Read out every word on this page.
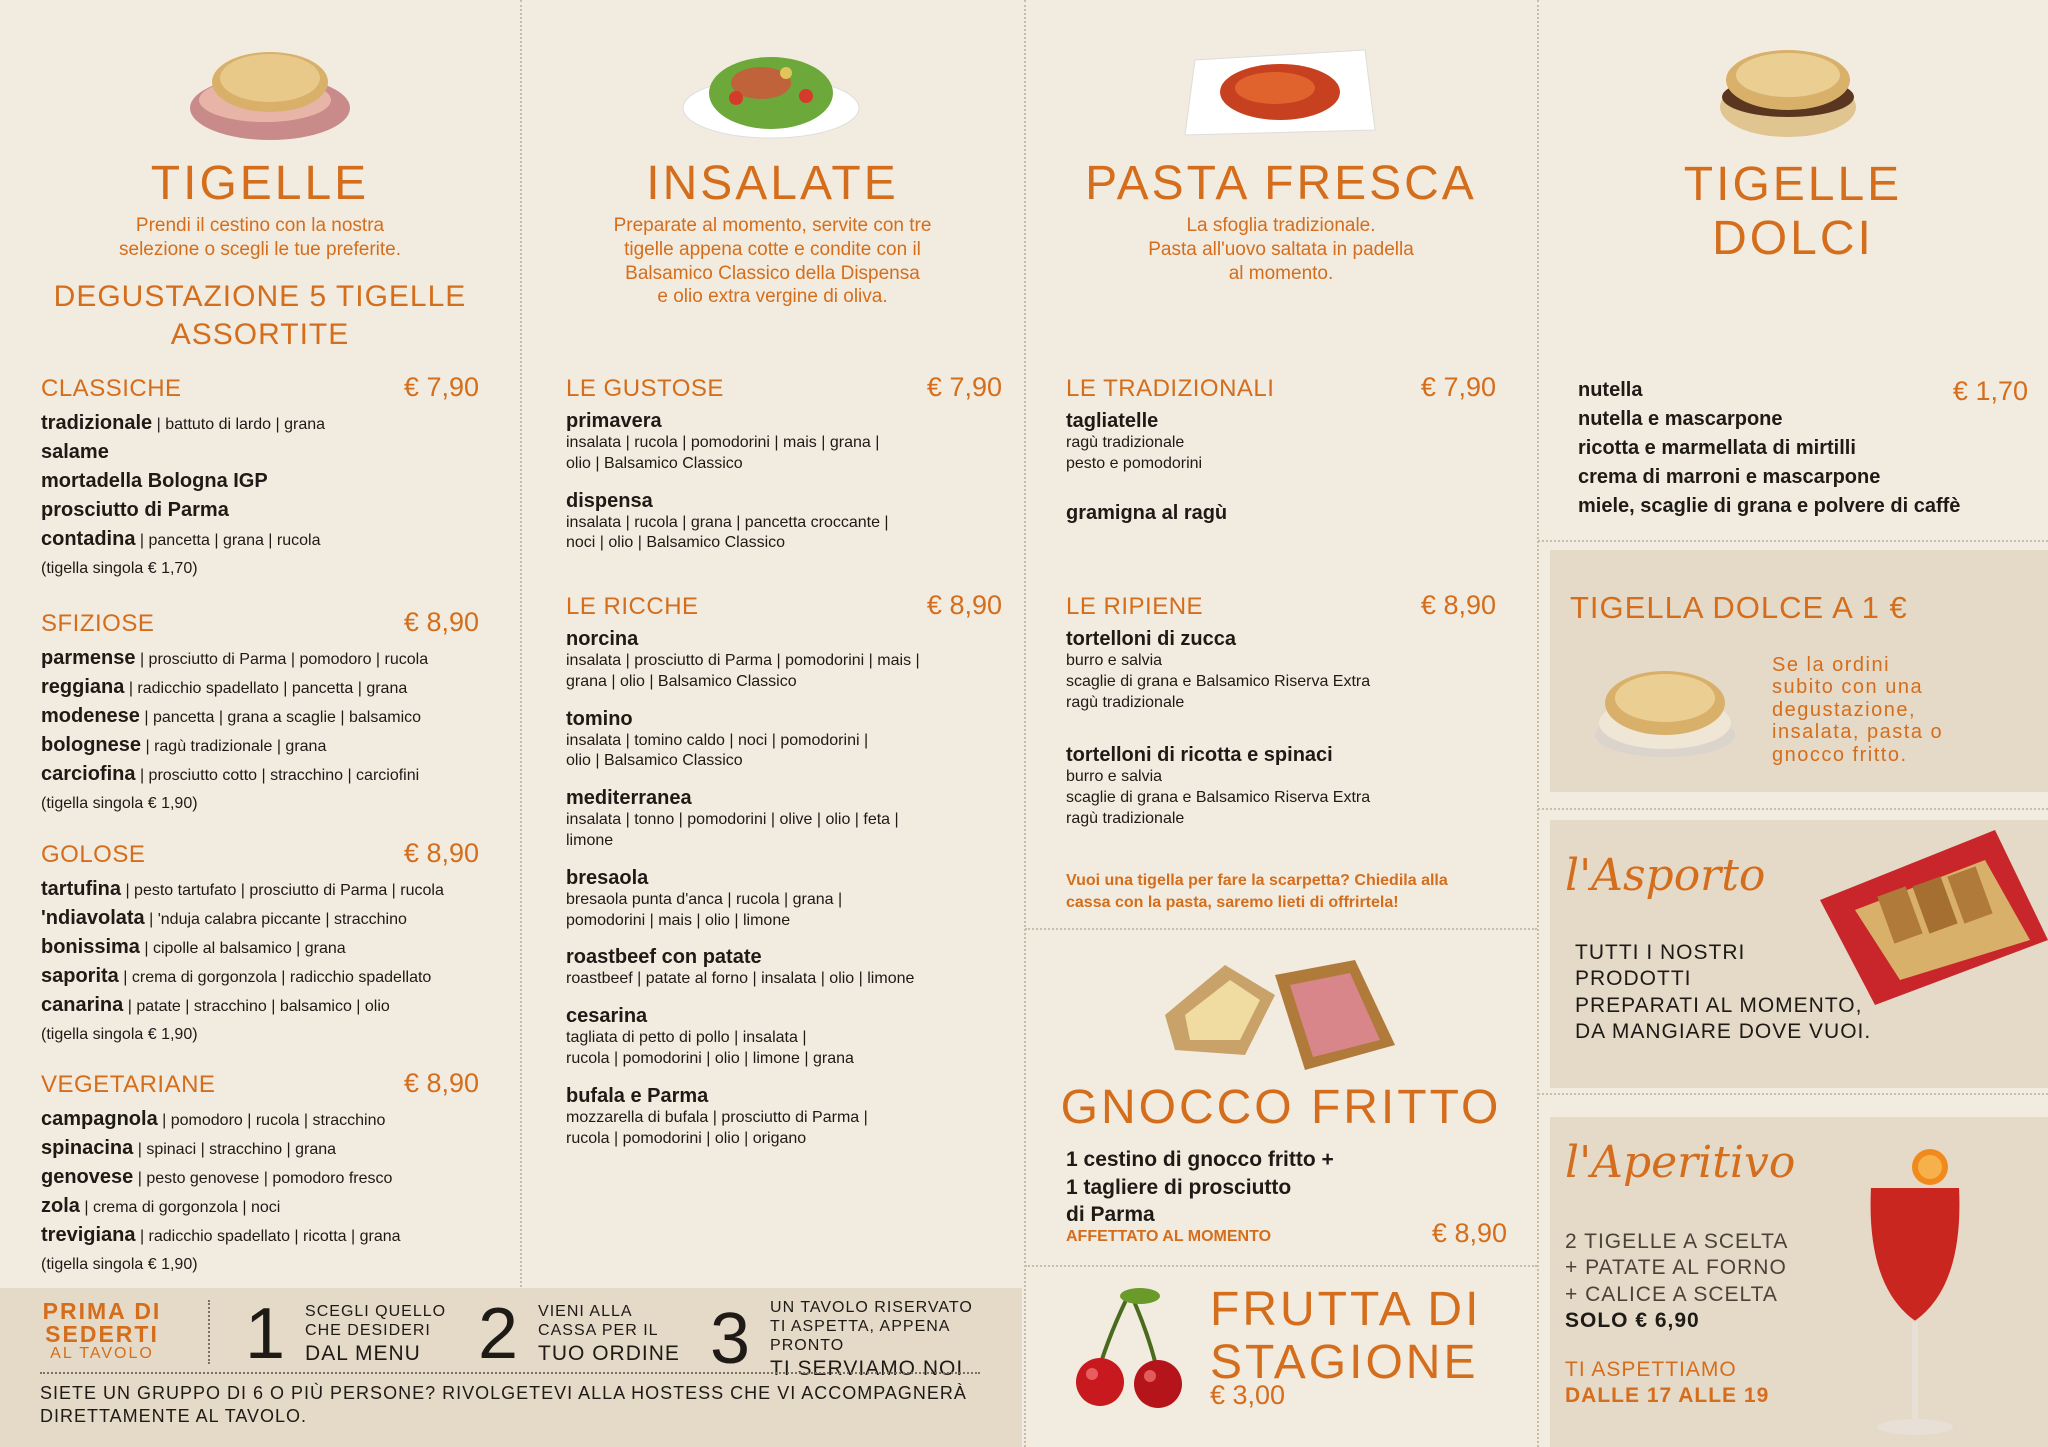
TIGELLE
Prendi il cestino con la nostra
selezione o scegli le tue preferite.
DEGUSTAZIONE 5 TIGELLE
ASSORTITE
CLASSICHE	€ 7,90
tradizionale | battuto di lardo | grana
salame
mortadella Bologna IGP
prosciutto di Parma
contadina | pancetta | grana | rucola
(tigella singola € 1,70)
SFIZIOSE	€ 8,90
parmense | prosciutto di Parma | pomodoro | rucola
reggiana | radicchio spadellato | pancetta | grana
modenese | pancetta | grana a scaglie | balsamico
bolognese | ragù tradizionale | grana
carciofina | prosciutto cotto | stracchino | carciofini
(tigella singola € 1,90)
GOLOSE	€ 8,90
tartufina | pesto tartufato | prosciutto di Parma | rucola
'ndiavolata | 'nduja calabra piccante | stracchino
bonissima | cipolle al balsamico | grana
saporita | crema di gorgonzola | radicchio spadellato
canarina | patate | stracchino | balsamico | olio
(tigella singola € 1,90)
VEGETARIANE	€ 8,90
campagnola | pomodoro | rucola | stracchino
spinacina | spinaci | stracchino | grana
genovese | pesto genovese | pomodoro fresco
zola | crema di gorgonzola | noci
trevigiana | radicchio spadellato | ricotta | grana
(tigella singola € 1,90)
INSALATE
Preparate al momento, servite con tre
tigelle appena cotte e condite con il
Balsamico Classico della Dispensa
e olio extra vergine di oliva.
LE GUSTOSE	€ 7,90
primavera
insalata | rucola | pomodorini | mais | grana |
olio | Balsamico Classico
dispensa
insalata | rucola | grana | pancetta croccante |
noci | olio | Balsamico Classico
LE RICCHE	€ 8,90
norcina
insalata | prosciutto di Parma | pomodorini | mais |
grana | olio | Balsamico Classico
tomino
insalata | tomino caldo | noci | pomodorini |
olio | Balsamico Classico
mediterranea
insalata | tonno | pomodorini | olive | olio | feta |
limone
bresaola
bresaola punta d'anca | rucola | grana |
pomodorini | mais | olio | limone
roastbeef con patate
roastbeef | patate al forno | insalata | olio | limone
cesarina
tagliata di petto di pollo | insalata |
rucola | pomodorini | olio | limone | grana
bufala e Parma
mozzarella di bufala | prosciutto di Parma |
rucola | pomodorini | olio | origano
PRIMA DI
SEDERTI
AL TAVOLO 1 SCEGLI QUELLO
CHE DESIDERI
DAL MENU 2 VIENI ALLA
CASSA PER IL
TUO ORDINE 3 UN TAVOLO RISERVATO
TI ASPETTA, APPENA PRONTO
TI SERVIAMO NOI
SIETE UN GRUPPO DI 6 O PIÙ PERSONE? RIVOLGETEVI ALLA HOSTESS CHE VI ACCOMPAGNERÀ
DIRETTAMENTE AL TAVOLO.
PASTA FRESCA
La sfoglia tradizionale.
Pasta all'uovo saltata in padella
al momento.
LE TRADIZIONALI	€ 7,90
tagliatelle
ragù tradizionale
pesto e pomodorini
gramigna al ragù
LE RIPIENE	€ 8,90
tortelloni di zucca
burro e salvia
scaglie di grana e Balsamico Riserva Extra
ragù tradizionale
tortelloni di ricotta e spinaci
burro e salvia
scaglie di grana e Balsamico Riserva Extra
ragù tradizionale
Vuoi una tigella per fare la scarpetta? Chiedila alla
cassa con la pasta, saremo lieti di offrirtela!
GNOCCO FRITTO
1 cestino di gnocco fritto +
1 tagliere di prosciutto
di Parma
AFFETTATO AL MOMENTO	€ 8,90
FRUTTA DI
STAGIONE
€ 3,00
TIGELLE
DOLCI
€ 1,70
nutella
nutella e mascarpone
ricotta e marmellata di mirtilli
crema di marroni e mascarpone
miele, scaglie di grana e polvere di caffè
TIGELLA DOLCE A 1 €
Se la ordini
subito con una
degustazione,
insalata, pasta o
gnocco fritto.
l'Asporto
TUTTI I NOSTRI
PRODOTTI
PREPARATI AL MOMENTO,
DA MANGIARE DOVE VUOI.
l'Aperitivo
2 TIGELLE A SCELTA
+ PATATE AL FORNO
+ CALICE A SCELTA
SOLO € 6,90
TI ASPETTIAMO
DALLE 17 ALLE 19
